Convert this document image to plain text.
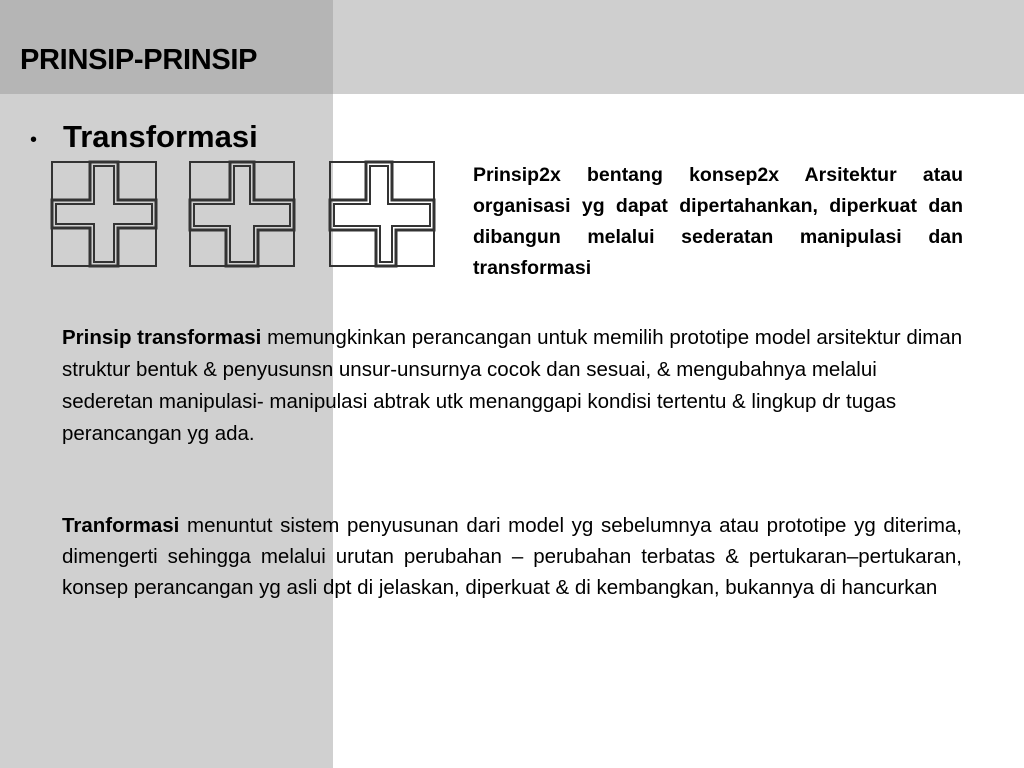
PRINSIP-PRINSIP
• Transformasi

Prinsip2x bentang konsep2x Arsitektur atau organisasi yg dapat dipertahankan, diperkuat dan dibangun melalui sederatan manipulasi dan transformasi

Prinsip transformasi memungkinkan perancangan untuk memilih prototipe model arsitektur diman struktur bentuk & penyusunsn unsur-unsurnya cocok dan sesuai, & mengubahnya melalui sederetan manipulasi- manipulasi abtrak utk menanggapi kondisi tertentu & lingkup dr tugas perancangan yg ada.

Tranformasi menuntut sistem penyusunan dari model yg sebelumnya atau prototipe yg diterima, dimengerti sehingga melalui urutan perubahan – perubahan terbatas & pertukaran–pertukaran, konsep perancangan yg asli dpt di jelaskan, diperkuat & di kembangkan, bukannya di hancurkan
